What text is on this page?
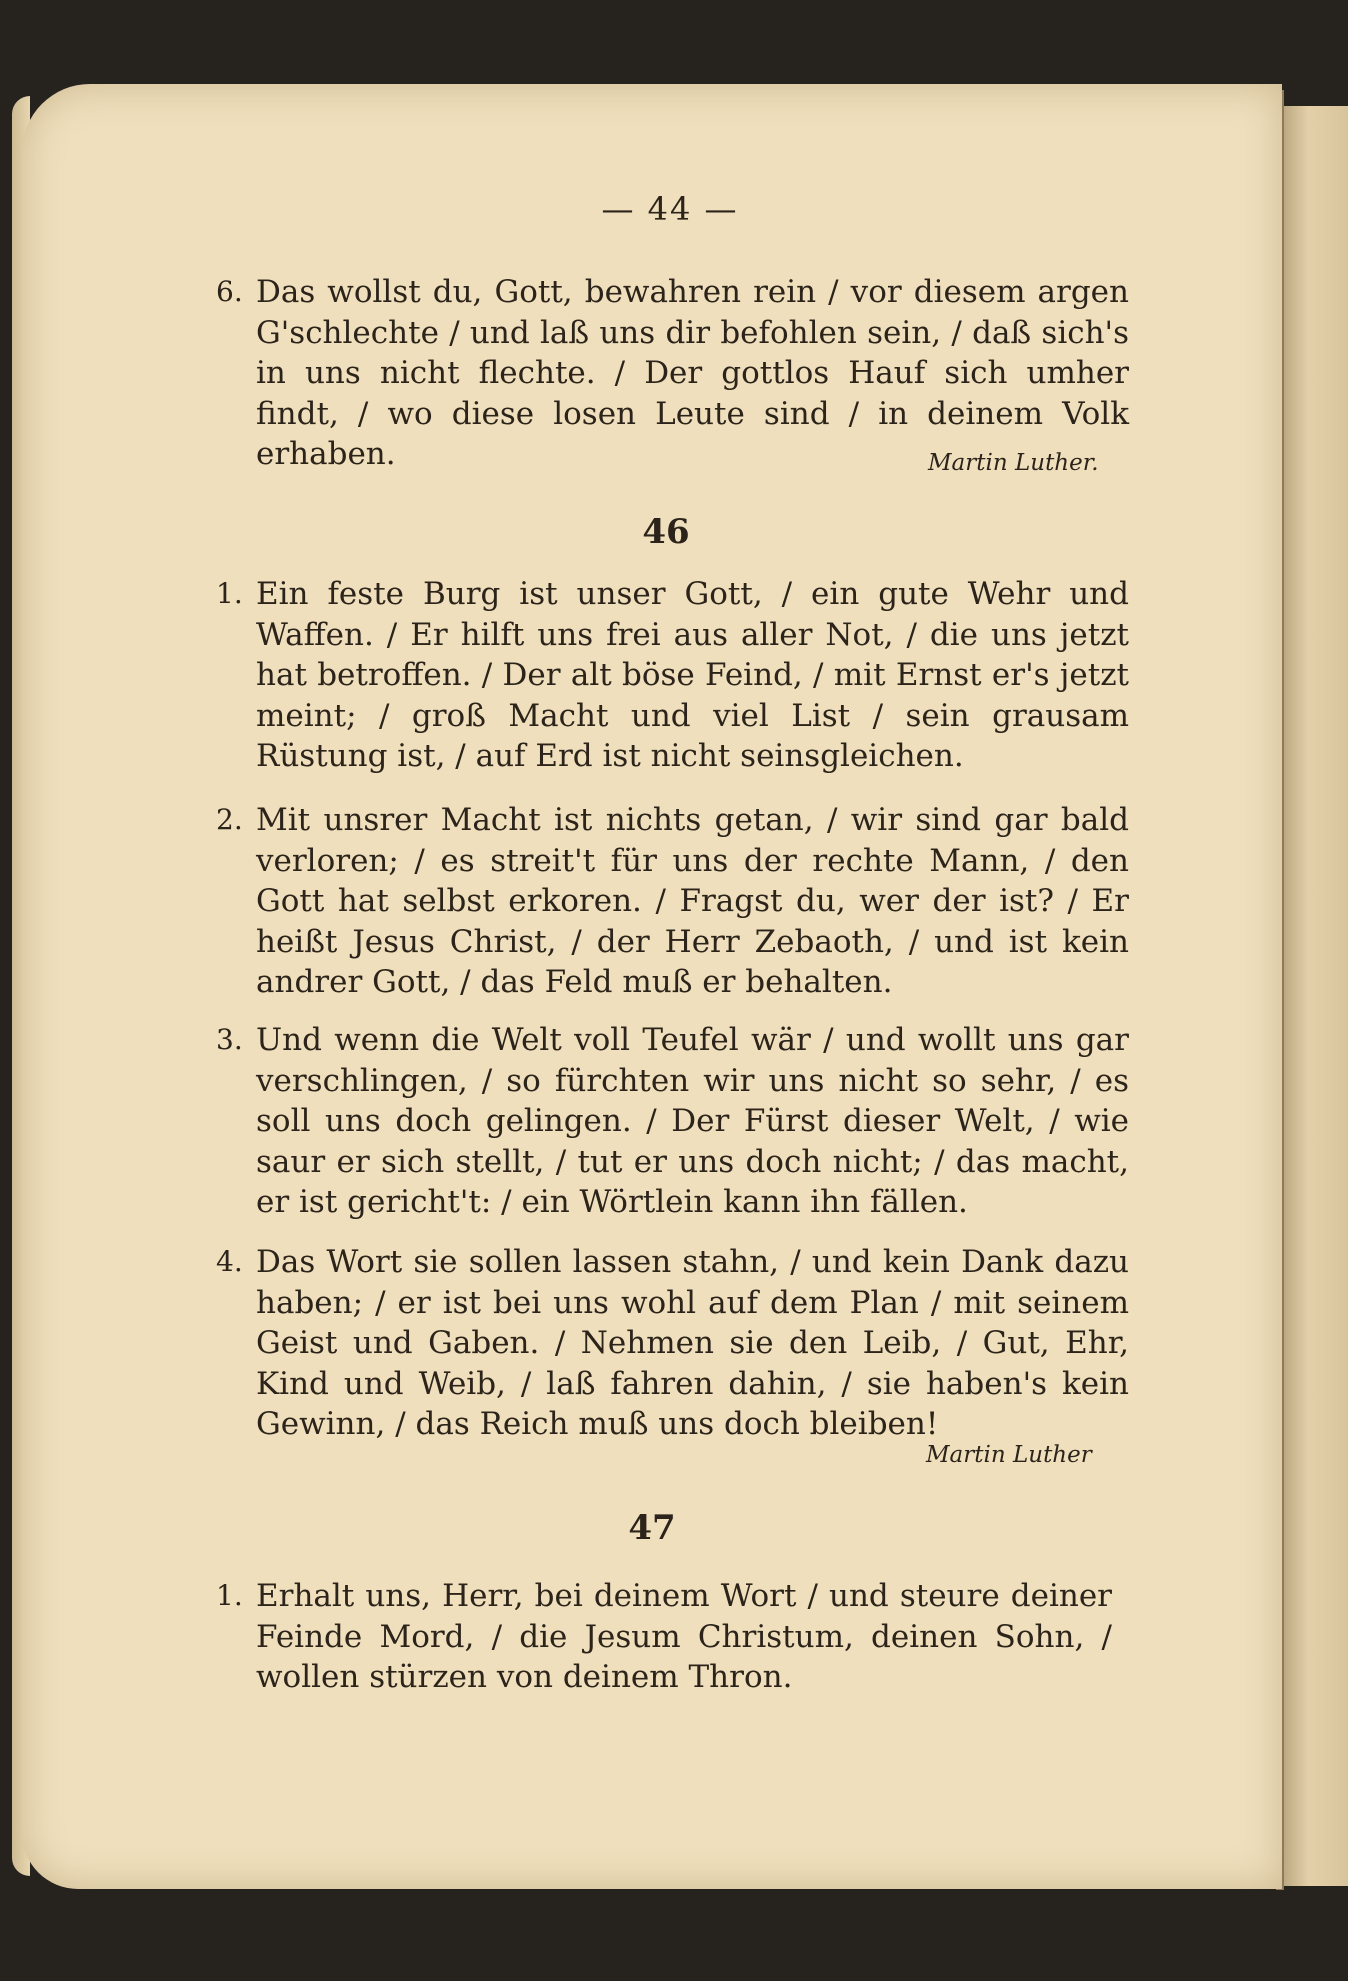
— 44 —
6. Das wollst du, Gott, bewahren rein / vor diesem argen G'schlechte / und laß uns dir befohlen sein, / daß sich's in uns nicht flechte. / Der gottlos Hauf sich umher findt, / wo diese losen Leute sind / in deinem Volk erhaben.	Martin Luther.
46
1. Ein feste Burg ist unser Gott, / ein gute Wehr und Waffen. / Er hilft uns frei aus aller Not, / die uns jetzt hat betroffen. / Der alt böse Feind, / mit Ernst er's jetzt meint; / groß Macht und viel List / sein grausam Rüstung ist, / auf Erd ist nicht seinsgleichen.
2. Mit unsrer Macht ist nichts getan, / wir sind gar bald verloren; / es streit't für uns der rechte Mann, / den Gott hat selbst erkoren. / Fragst du, wer der ist? / Er heißt Jesus Christ, / der Herr Zebaoth, / und ist kein andrer Gott, / das Feld muß er behalten.
3. Und wenn die Welt voll Teufel wär / und wollt uns gar verschlingen, / so fürchten wir uns nicht so sehr, / es soll uns doch gelingen. / Der Fürst dieser Welt, / wie saur er sich stellt, / tut er uns doch nicht; / das macht, er ist gericht't: / ein Wörtlein kann ihn fällen.
4. Das Wort sie sollen lassen stahn, / und kein Dank dazu haben; / er ist bei uns wohl auf dem Plan / mit seinem Geist und Gaben. / Nehmen sie den Leib, / Gut, Ehr, Kind und Weib, / laß fahren dahin, / sie haben's kein Gewinn, / das Reich muß uns doch bleiben!
Martin Luther
47
1. Erhalt uns, Herr, bei deinem Wort / und steure deiner Feinde Mord, / die Jesum Christum, deinen Sohn, / wollen stürzen von deinem Thron.
